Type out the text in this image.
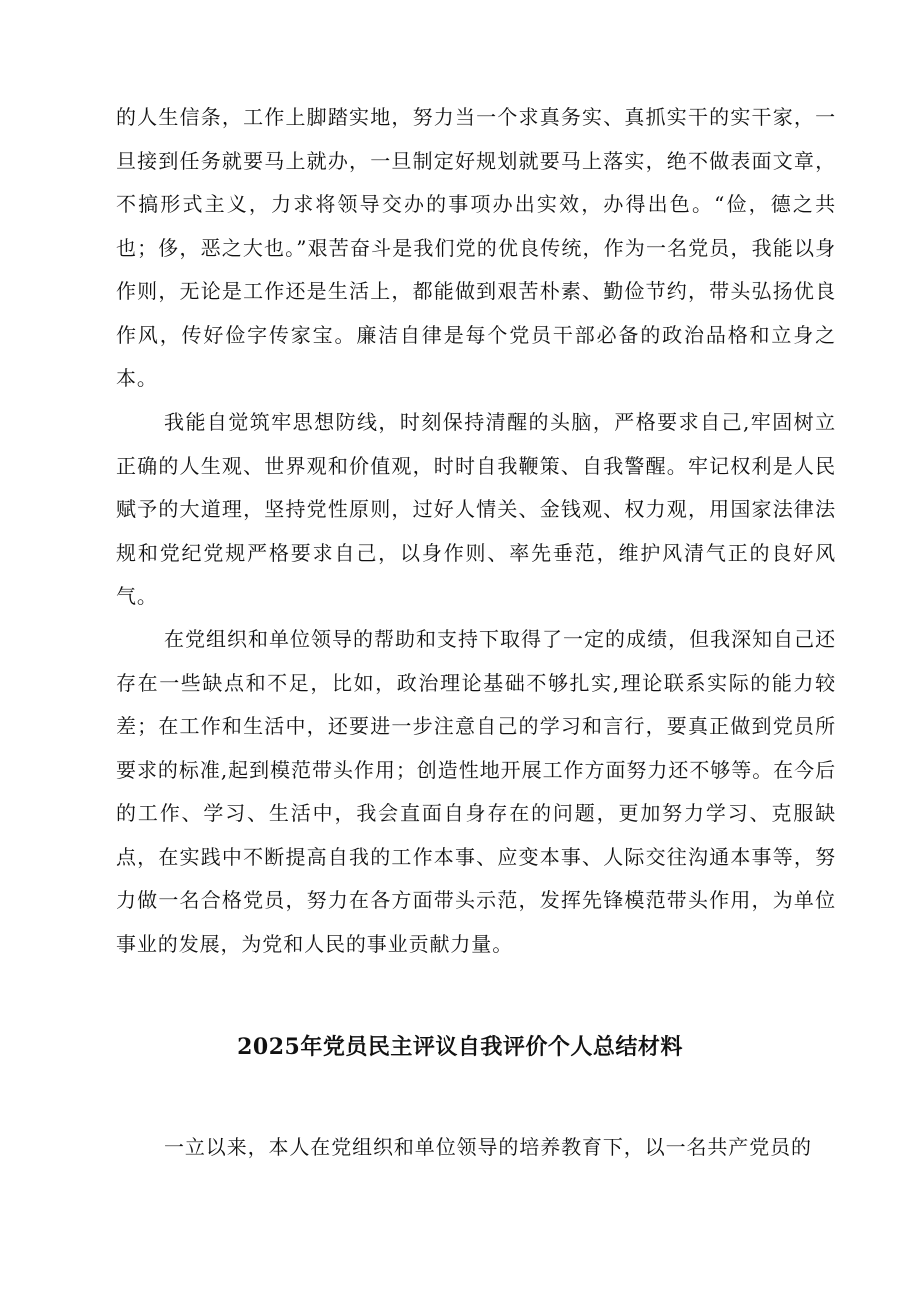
的人生信条，工作上脚踏实地，努力当一个求真务实、真抓实干的实干家，一旦接到任务就要马上就办，一旦制定好规划就要马上落实，绝不做表面文章，不搞形式主义，力求将领导交办的事项办出实效，办得出色。“俭，德之共也；侈，恶之大也。”艰苦奋斗是我们党的优良传统，作为一名党员，我能以身作则，无论是工作还是生活上，都能做到艰苦朴素、勤俭节约，带头弘扬优良作风，传好俭字传家宝。廉洁自律是每个党员干部必备的政治品格和立身之本。

我能自觉筑牢思想防线，时刻保持清醒的头脑，严格要求自己,牢固树立正确的人生观、世界观和价值观，时时自我鞭策、自我警醒。牢记权利是人民赋予的大道理，坚持党性原则，过好人情关、金钱观、权力观，用国家法律法规和党纪党规严格要求自己，以身作则、率先垂范，维护风清气正的良好风气。

在党组织和单位领导的帮助和支持下取得了一定的成绩，但我深知自己还存在一些缺点和不足，比如，政治理论基础不够扎实,理论联系实际的能力较差；在工作和生活中，还要进一步注意自己的学习和言行，要真正做到党员所要求的标准,起到模范带头作用；创造性地开展工作方面努力还不够等。在今后的工作、学习、生活中，我会直面自身存在的问题，更加努力学习、克服缺点，在实践中不断提高自我的工作本事、应变本事、人际交往沟通本事等，努力做一名合格党员，努力在各方面带头示范，发挥先锋模范带头作用，为单位事业的发展，为党和人民的事业贡献力量。

2025年党员民主评议自我评价个人总结材料

一立以来，本人在党组织和单位领导的培养教育下，以一名共产党员的
